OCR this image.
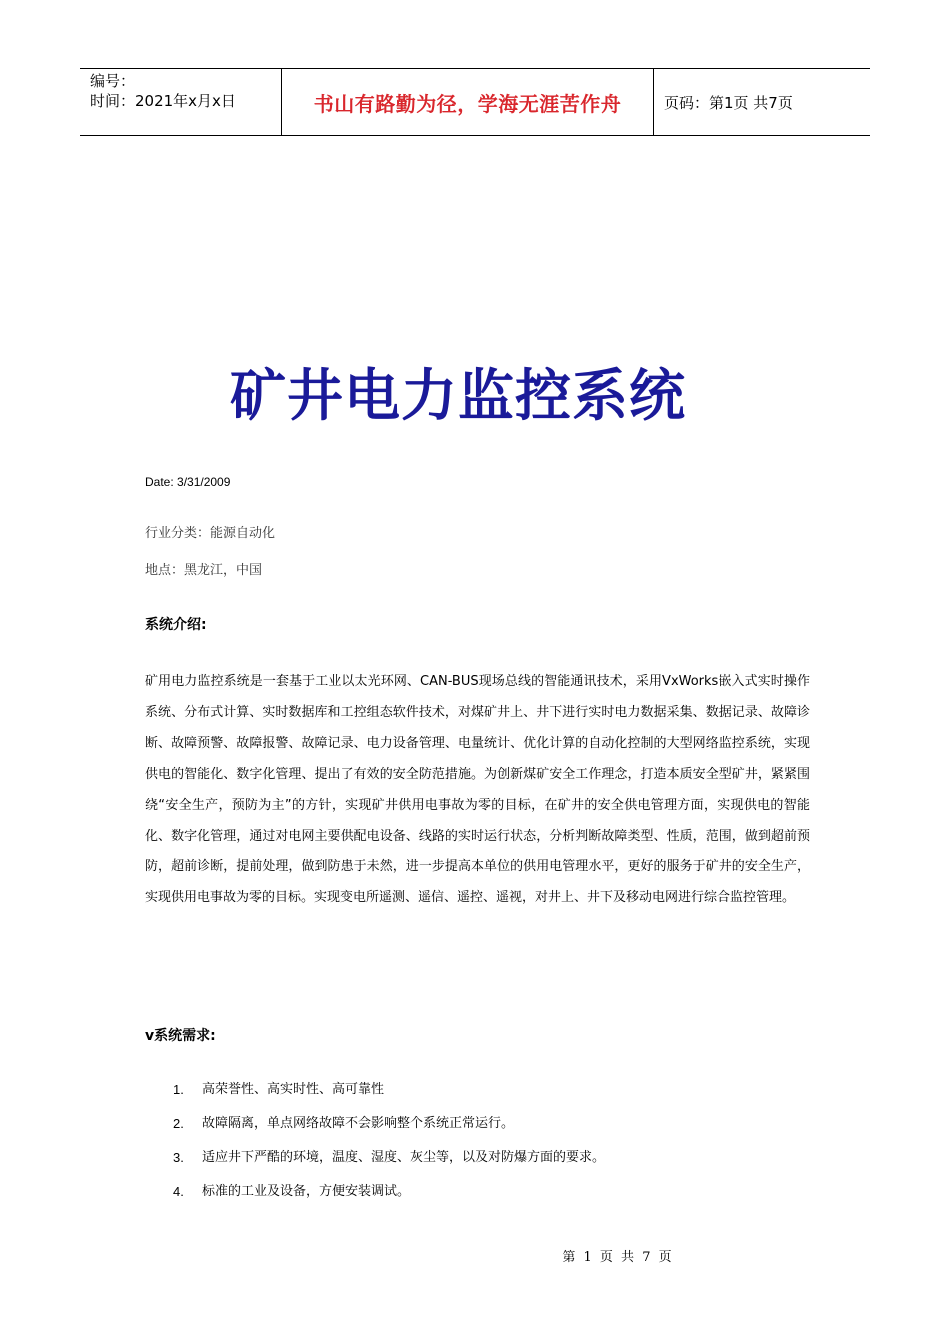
编号：
时间：2021年x月x日	书山有路勤为径，学海无涯苦作舟	页码：第1页 共7页
矿井电力监控系统
Date: 3/31/2009
行业分类：能源自动化
地点：黑龙江，中国
系统介绍:
矿用电力监控系统是一套基于工业以太光环网、CAN-BUS现场总线的智能通讯技术，采用VxWorks嵌入式实时操作系统、分布式计算、实时数据库和工控组态软件技术，对煤矿井上、井下进行实时电力数据采集、数据记录、故障诊断、故障预警、故障报警、故障记录、电力设备管理、电量统计、优化计算的自动化控制的大型网络监控系统，实现供电的智能化、数字化管理、提出了有效的安全防范措施。为创新煤矿安全工作理念，打造本质安全型矿井，紧紧围绕“安全生产，预防为主”的方针，实现矿井供用电事故为零的目标，在矿井的安全供电管理方面，实现供电的智能化、数字化管理，通过对电网主要供配电设备、线路的实时运行状态，分析判断故障类型、性质，范围，做到超前预防，超前诊断，提前处理，做到防患于未然，进一步提高本单位的供用电管理水平，更好的服务于矿井的安全生产，实现供用电事故为零的目标。实现变电所遥测、遥信、遥控、遥视，对井上、井下及移动电网进行综合监控管理。
v系统需求:
1.	高荣誉性、高实时性、高可靠性
2.	故障隔离，单点网络故障不会影响整个系统正常运行。
3.	适应井下严酷的环境，温度、湿度、灰尘等，以及对防爆方面的要求。
4.	标准的工业及设备，方便安装调试。
第 1 页 共 7 页
